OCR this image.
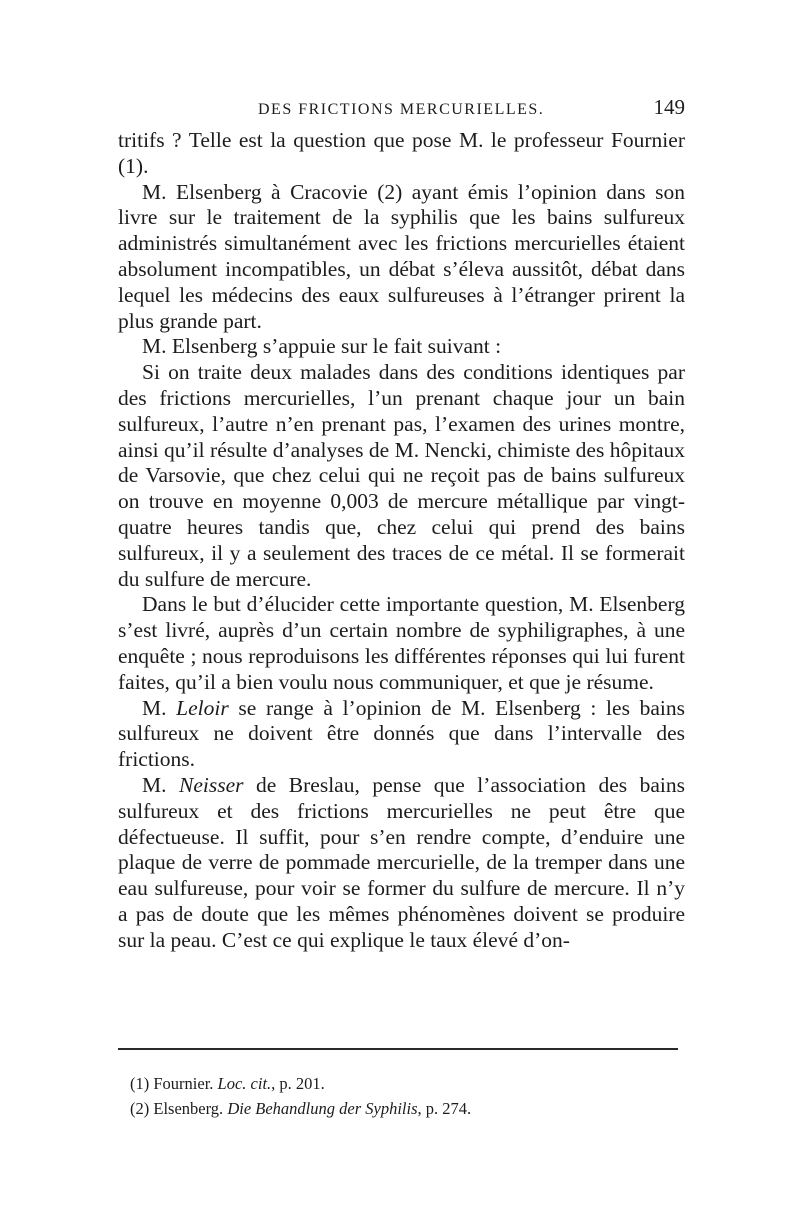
DES FRICTIONS MERCURIELLES.	149

tritifs ? Telle est la question que pose M. le professeur Fournier (1).

M. Elsenberg à Cracovie (2) ayant émis l’opinion dans son livre sur le traitement de la syphilis que les bains sulfureux administrés simultanément avec les frictions mercurielles étaient absolument incompatibles, un débat s’éleva aussitôt, débat dans lequel les médecins des eaux sulfureuses à l’étranger prirent la plus grande part.

M. Elsenberg s’appuie sur le fait suivant :

Si on traite deux malades dans des conditions identiques par des frictions mercurielles, l’un prenant chaque jour un bain sulfureux, l’autre n’en prenant pas, l’examen des urines montre, ainsi qu’il résulte d’analyses de M. Nencki, chimiste des hôpitaux de Varsovie, que chez celui qui ne reçoit pas de bains sulfureux on trouve en moyenne 0,003 de mercure métallique par vingt-quatre heures tandis que, chez celui qui prend des bains sulfureux, il y a seulement des traces de ce métal. Il se formerait du sulfure de mercure.

Dans le but d’élucider cette importante question, M. Elsenberg s’est livré, auprès d’un certain nombre de syphiligraphes, à une enquête ; nous reproduisons les différentes réponses qui lui furent faites, qu’il a bien voulu nous communiquer, et que je résume.

M. Leloir se range à l’opinion de M. Elsenberg : les bains sulfureux ne doivent être donnés que dans l’intervalle des frictions.

M. Neisser de Breslau, pense que l’association des bains sulfureux et des frictions mercurielles ne peut être que défectueuse. Il suffit, pour s’en rendre compte, d’enduire une plaque de verre de pommade mercurielle, de la tremper dans une eau sulfureuse, pour voir se former du sulfure de mercure. Il n’y a pas de doute que les mêmes phénomènes doivent se produire sur la peau. C’est ce qui explique le taux élevé d’on-

(1) Fournier. Loc. cit., p. 201.

(2) Elsenberg. Die Behandlung der Syphilis, p. 274.
